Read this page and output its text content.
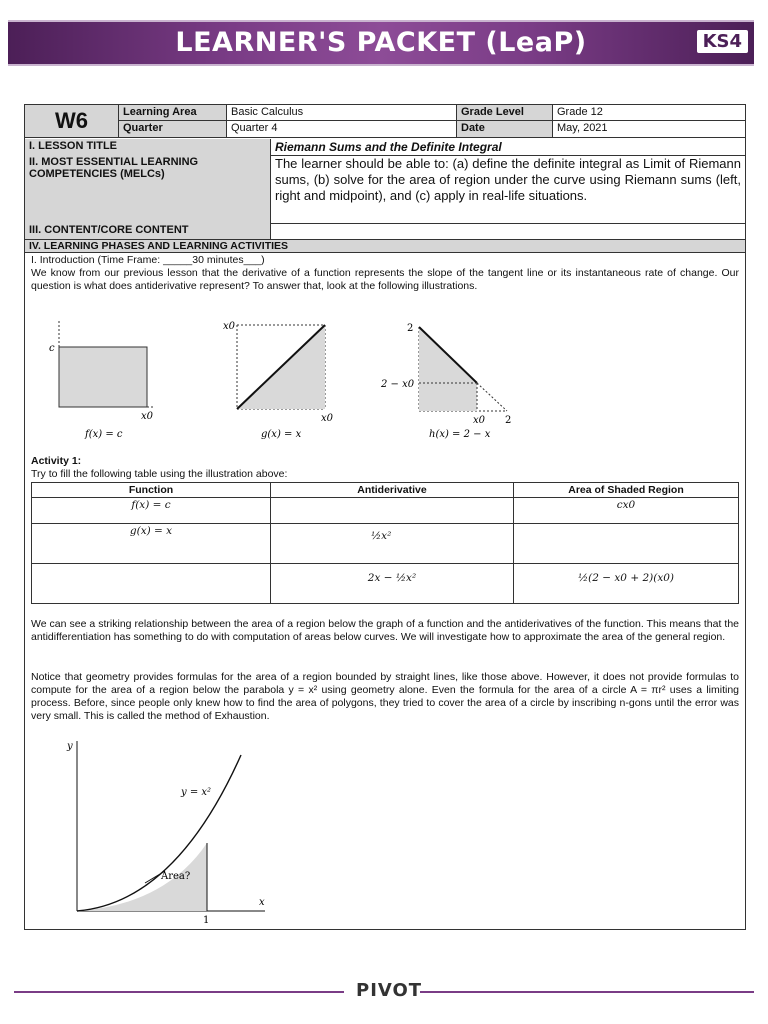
LEARNER'S PACKET (LeaP)	KS4
W6	Learning Area	Basic Calculus	Grade Level	Grade 12
Quarter	Quarter 4	Date	May, 2021
I. LESSON TITLE	Riemann Sums and the Definite Integral
II. MOST ESSENTIAL LEARNING COMPETENCIES (MELCs)
The learner should be able to: (a) define the definite integral as Limit of Riemann sums, (b) solve for the area of region under the curve using Riemann sums (left, right and midpoint), and (c) apply in real-life situations.
III. CONTENT/CORE CONTENT
IV. LEARNING PHASES AND LEARNING ACTIVITIES
I. Introduction (Time Frame: _____30 minutes___)
We know from our previous lesson that the derivative of a function represents the slope of the tangent line or its instantaneous rate of change. Our question is what does antiderivative represent? To answer that, look at the following illustrations.
c
x0
f(x) = c
x0
x0
g(x) = x
2
2 − x0
x0 2
h(x) = 2 − x
Activity 1:
Try to fill the following table using the illustration above:
Function	Antiderivative	Area of Shaded Region
f(x) = c		cx0
g(x) = x	½x²	
	2x − ½x²	½(2 − x0 + 2)(x0)
We can see a striking relationship between the area of a region below the graph of a function and the antiderivatives of the function. This means that the antidifferentiation has something to do with computation of areas below curves. We will investigate how to approximate the area of the general region.
Notice that geometry provides formulas for the area of a region bounded by straight lines, like those above. However, it does not provide formulas to compute for the area of a region below the parabola y = x² using geometry alone. Even the formula for the area of a circle A = πr² uses a limiting process. Before, since people only knew how to find the area of polygons, they tried to cover the area of a circle by inscribing n-gons until the error was very small. This is called the method of Exhaustion.
y
x
y = x²
Area?
1
PIVOT
